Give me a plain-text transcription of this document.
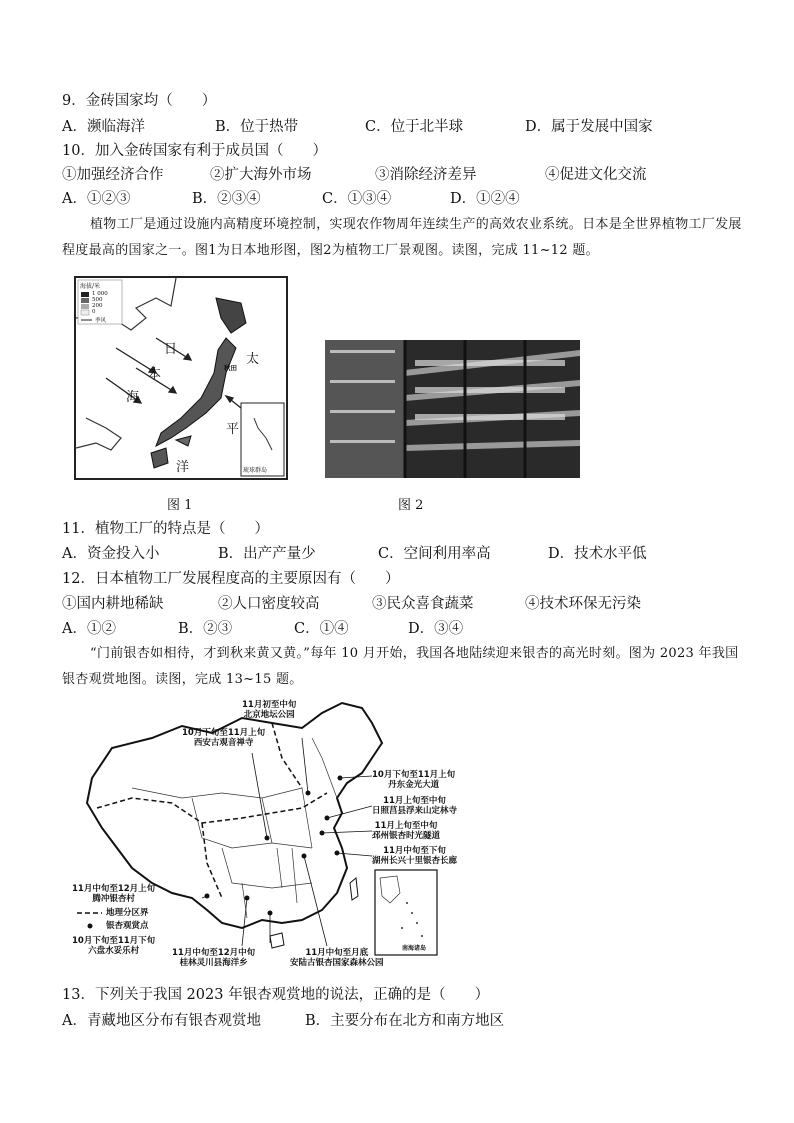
9．金砖国家均（　　）
A．濒临海洋	B．位于热带	C．位于北半球	D．属于发展中国家
10．加入金砖国家有利于成员国（　　）
①加强经济合作	②扩大海外市场	③消除经济差异	④促进文化交流
A．①②③	B．②③④	C．①③④	D．①②④
植物工厂是通过设施内高精度环境控制，实现农作物周年连续生产的高效农业系统。日本是全世界植物工厂发展程度最高的国家之一。图1为日本地形图，图2为植物工厂景观图。读图，完成 11~12 题。
海拔/米
1 000
500
200
0
季风
日
本
海
太
平
洋
秋田
琉球群岛
图 1	图 2
11．植物工厂的特点是（　　）
A．资金投入小	B．出产产量少	C．空间利用率高	D．技术水平低
12．日本植物工厂发展程度高的主要原因有（　　）
①国内耕地稀缺	②人口密度较高	③民众喜食蔬菜	④技术环保无污染
A．①②	B．②③	C．①④	D．③④
“门前银杏如相待，才到秋来黄又黄。”每年 10 月开始，我国各地陆续迎来银杏的高光时刻。图为 2023 年我国银杏观赏地图。读图，完成 13~15 题。
11月初至中旬
北京地坛公园
10月下旬至11月上旬
西安古观音禅寺
10月下旬至11月上旬
丹东金光大道
11月上旬至中旬
日照莒县浮来山定林寺
11月上旬至中旬
邳州银杏时光隧道
11月中旬至下旬
湖州长兴十里银杏长廊
11月中旬至12月上旬
腾冲银杏村
10月下旬至11月下旬
六盘水妥乐村	11月中旬至12月中旬
桂林灵川县海洋乡
11月中旬至月底
安陆古银杏国家森林公园
地理分区界
银杏观赏点
南海诸岛
13．下列关于我国 2023 年银杏观赏地的说法，正确的是（　　）
A．青藏地区分布有银杏观赏地	B．主要分布在北方和南方地区
